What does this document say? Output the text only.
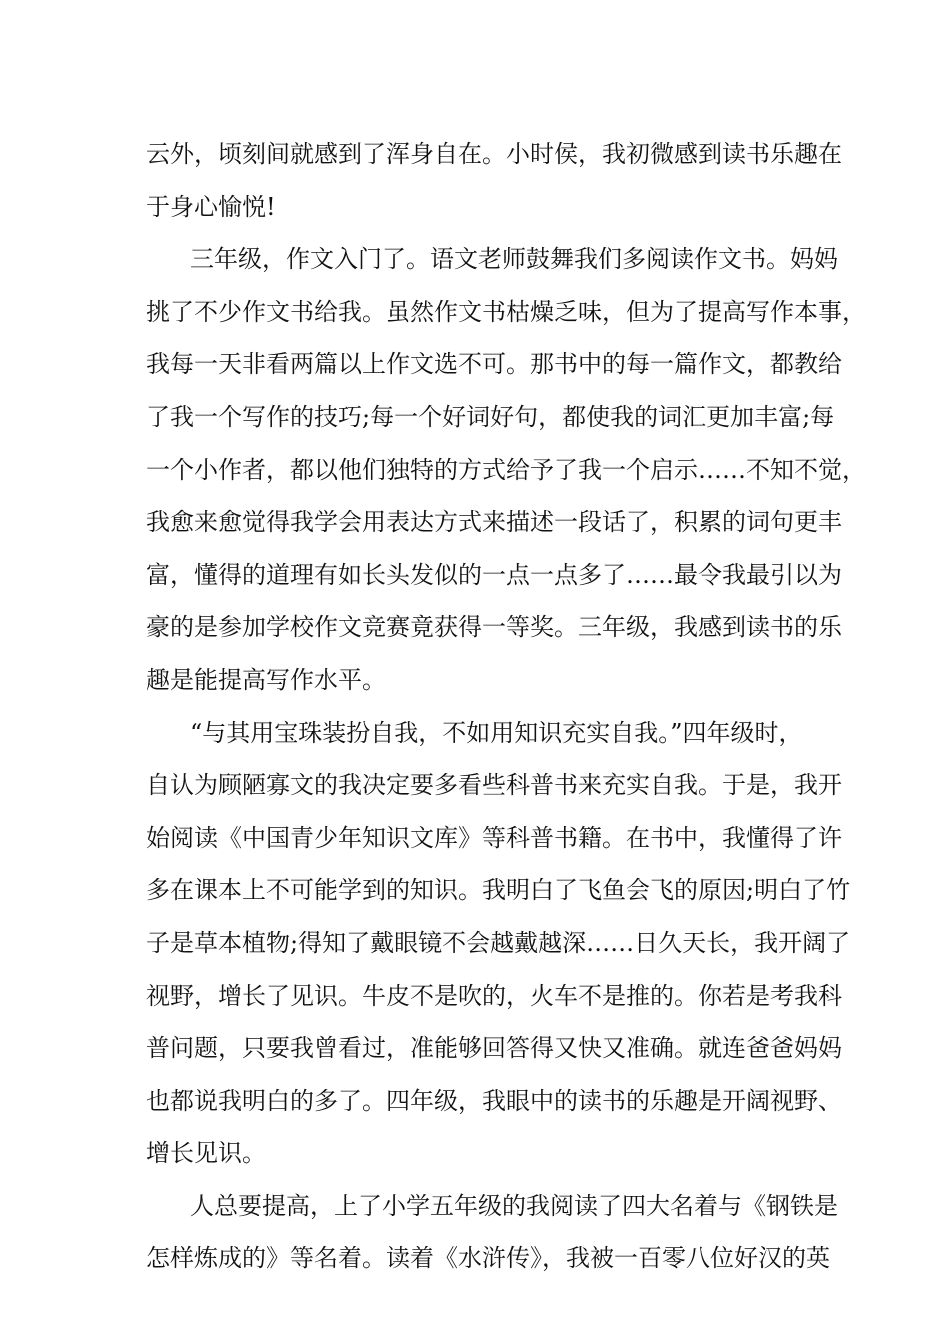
云外，顷刻间就感到了浑身自在。小时侯，我初微感到读书乐趣在
于身心愉悦!
三年级，作文入门了。语文老师鼓舞我们多阅读作文书。妈妈
挑了不少作文书给我。虽然作文书枯燥乏味，但为了提高写作本事，
我每一天非看两篇以上作文选不可。那书中的每一篇作文，都教给
了我一个写作的技巧;每一个好词好句，都使我的词汇更加丰富;每
一个小作者，都以他们独特的方式给予了我一个启示……不知不觉，
我愈来愈觉得我学会用表达方式来描述一段话了，积累的词句更丰
富，懂得的道理有如长头发似的一点一点多了……最令我最引以为
豪的是参加学校作文竞赛竟获得一等奖。三年级，我感到读书的乐
趣是能提高写作水平。
“与其用宝珠装扮自我，不如用知识充实自我。”四年级时，
自认为顾陋寡文的我决定要多看些科普书来充实自我。于是，我开
始阅读《中国青少年知识文库》等科普书籍。在书中，我懂得了许
多在课本上不可能学到的知识。我明白了飞鱼会飞的原因;明白了竹
子是草本植物;得知了戴眼镜不会越戴越深……日久天长，我开阔了
视野，增长了见识。牛皮不是吹的，火车不是推的。你若是考我科
普问题，只要我曾看过，准能够回答得又快又准确。就连爸爸妈妈
也都说我明白的多了。四年级，我眼中的读书的乐趣是开阔视野、
增长见识。
人总要提高，上了小学五年级的我阅读了四大名着与《钢铁是
怎样炼成的》等名着。读着《水浒传》，我被一百零八位好汉的英
